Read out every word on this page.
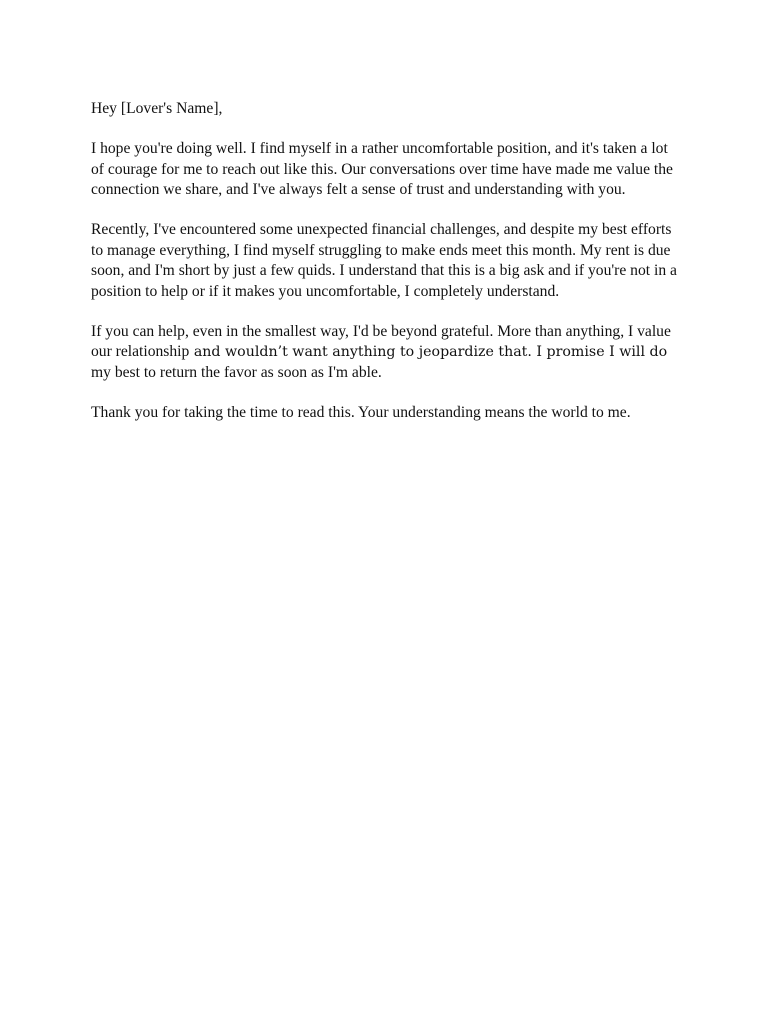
Hey [Lover's Name],

I hope you're doing well. I find myself in a rather uncomfortable position, and it's taken a lot of courage for me to reach out like this. Our conversations over time have made me value the connection we share, and I've always felt a sense of trust and understanding with you.

Recently, I've encountered some unexpected financial challenges, and despite my best efforts to manage everything, I find myself struggling to make ends meet this month. My rent is due soon, and I'm short by just a few quids. I understand that this is a big ask and if you're not in a position to help or if it makes you uncomfortable, I completely understand.

If you can help, even in the smallest way, I'd be beyond grateful. More than anything, I value our relationship and wouldn’t want anything to jeopardize that. I promise I will do my best to return the favor as soon as I'm able.

Thank you for taking the time to read this. Your understanding means the world to me.
